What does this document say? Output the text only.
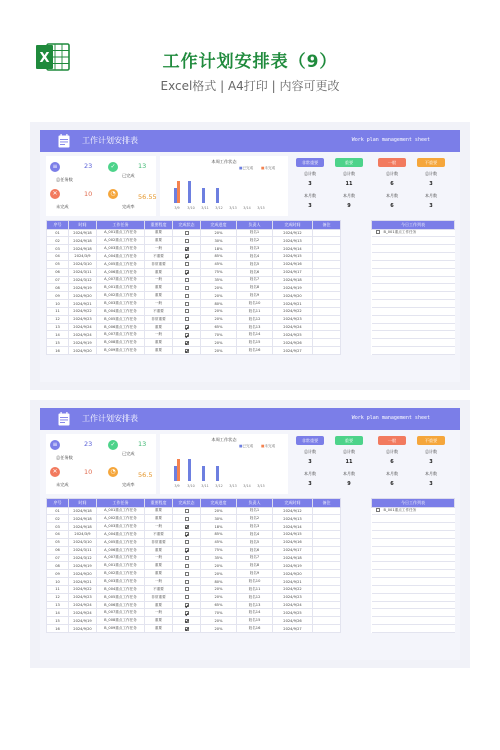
X	工作计划安排表（9）
Excel格式 | A4打印 | 内容可更改
工作计划安排表	Work plan management sheet
≡	23
总任务数
✓	13
已完成
✕	10
未完成
◔	56.55
完成率
本周工作状态
■已完成 ■未完成
3/9	3/10	3/11	3/12	3/13	3/14	3/15
非常重要
总计数
3
本月数
3
重要
总计数
11
本月数
9
一般
总计数
6
本月数
6
不重要
总计数
3
本月数
3
序号	时间	工作任务	重要程度	完成状态	完成进度	负责人	完成时间	备注
01	2024/9/18	A_001重点工作任务	重要		20%	姓名1	2024/9/12	
02	2024/9/18	A_002重点工作任务	重要		30%	姓名2	2024/9/13	
03	2024/9/18	A_003重点工作任务	一般		18%	姓名3	2024/9/14	
04	2024/3/9	A_004重点工作任务	不重要		85%	姓名4	2024/9/15	
05	2024/3/10	A_005重点工作任务	非常重要		45%	姓名5	2024/9/16	
06	2024/3/11	A_006重点工作任务	重要		75%	姓名6	2024/9/17	
07	2024/3/12	A_007重点工作任务	一般		35%	姓名7	2024/9/18	
08	2024/9/19	B_001重点工作任务	重要		20%	姓名8	2024/9/19	
09	2024/9/20	B_002重点工作任务	重要		20%	姓名9	2024/9/20	
10	2024/9/21	B_003重点工作任务	一般		80%	姓名10	2024/9/21	
11	2024/9/22	B_004重点工作任务	不重要		20%	姓名11	2024/9/22	
12	2024/9/23	B_005重点工作任务	非常重要		20%	姓名12	2024/9/23	
13	2024/9/24	B_006重点工作任务	重要		65%	姓名13	2024/9/24	
14	2024/9/24	B_007重点工作任务	一般		70%	姓名14	2024/9/25	
15	2024/9/19	B_008重点工作任务	重要		20%	姓名15	2024/9/26	
16	2024/9/20	B_009重点工作任务	重要		20%	姓名16	2024/9/27	
今日工作列表
B_001重点工作任务

工作计划安排表	Work plan management sheet
≡	23
总任务数
✓	13
已完成
✕	10
未完成
◔	56.5
完成率
本周工作状态
■已完成 ■未完成
3/9	3/10	3/11	3/12	3/13	3/14	3/15
非常重要
总计数
3
本月数
3
重要
总计数
11
本月数
9
一般
总计数
6
本月数
6
不重要
总计数
3
本月数
3
序号	时间	工作任务	重要程度	完成状态	完成进度	负责人	完成时间	备注
01	2024/9/18	A_001重点工作任务	重要		20%	姓名1	2024/9/12	
02	2024/9/18	A_002重点工作任务	重要		30%	姓名2	2024/9/13	
03	2024/9/18	A_003重点工作任务	一般		18%	姓名3	2024/9/14	
04	2024/3/9	A_004重点工作任务	不重要		85%	姓名4	2024/9/15	
05	2024/3/10	A_005重点工作任务	非常重要		45%	姓名5	2024/9/16	
06	2024/3/11	A_006重点工作任务	重要		75%	姓名6	2024/9/17	
07	2024/3/12	A_007重点工作任务	一般		35%	姓名7	2024/9/18	
08	2024/9/19	B_001重点工作任务	重要		20%	姓名8	2024/9/19	
09	2024/9/20	B_002重点工作任务	重要		20%	姓名9	2024/9/20	
10	2024/9/21	B_003重点工作任务	一般		80%	姓名10	2024/9/21	
11	2024/9/22	B_004重点工作任务	不重要		20%	姓名11	2024/9/22	
12	2024/9/23	B_005重点工作任务	非常重要		20%	姓名12	2024/9/23	
13	2024/9/24	B_006重点工作任务	重要		65%	姓名13	2024/9/24	
14	2024/9/24	B_007重点工作任务	一般		70%	姓名14	2024/9/25	
15	2024/9/19	B_008重点工作任务	重要		20%	姓名15	2024/9/26	
16	2024/9/20	B_009重点工作任务	重要		20%	姓名16	2024/9/27	
今日工作列表
B_001重点工作任务
